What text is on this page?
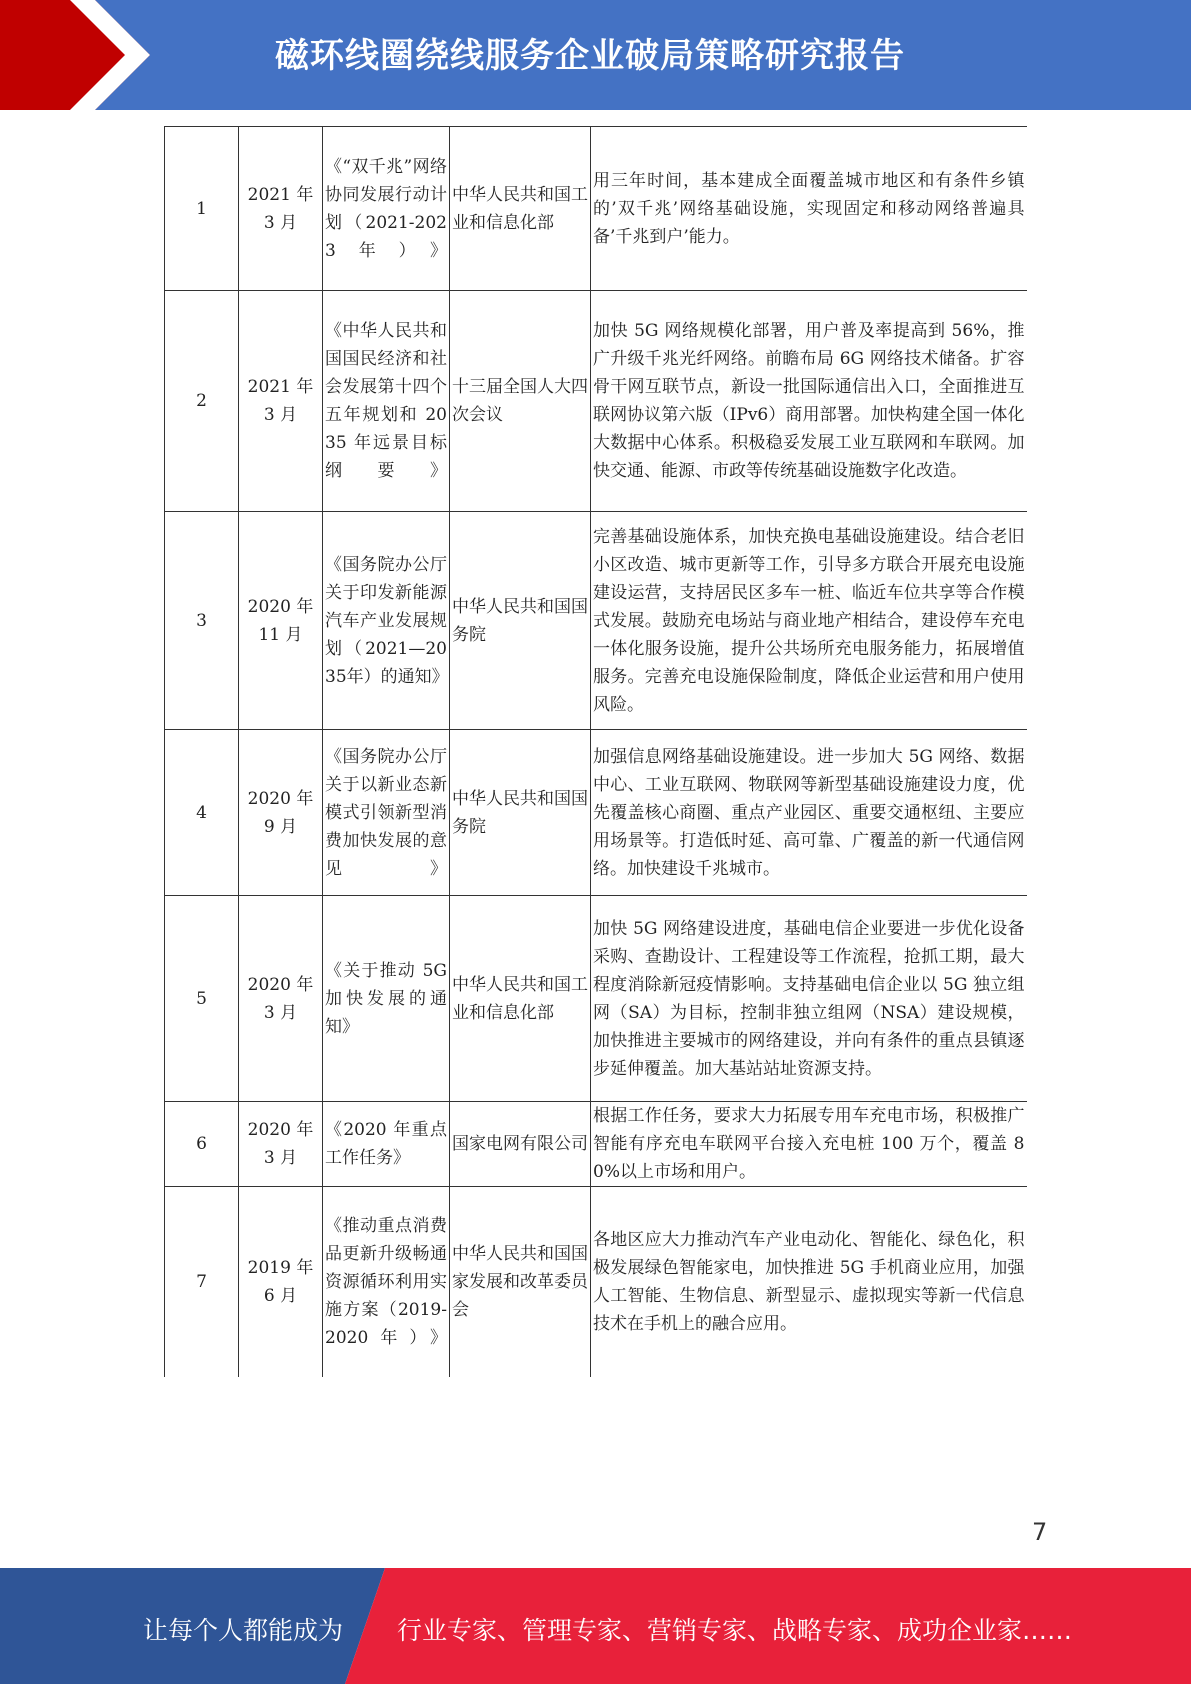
磁环线圈绕线服务企业破局策略研究报告
1	2021 年 3 月	《“双千兆”网络协同发展行动计划（2021-2023年）》	中华人民共和国工业和信息化部	用三年时间，基本建成全面覆盖城市地区和有条件乡镇的’双千兆’网络基础设施，实现固定和移动网络普遍具备’千兆到户’能力。
2	2021 年 3 月	《中华人民共和国国民经济和社会发展第十四个五年规划和 2035 年远景目标纲要》	十三届全国人大四次会议	加快 5G 网络规模化部署，用户普及率提高到 56%，推广升级千兆光纤网络。前瞻布局 6G 网络技术储备。扩容骨干网互联节点，新设一批国际通信出入口，全面推进互联网协议第六版（IPv6）商用部署。加快构建全国一体化大数据中心体系。积极稳妥发展工业互联网和车联网。加快交通、能源、市政等传统基础设施数字化改造。
3	2020 年 11 月	《国务院办公厅关于印发新能源汽车产业发展规划（2021—2035年）的通知》	中华人民共和国国务院	完善基础设施体系，加快充换电基础设施建设。结合老旧小区改造、城市更新等工作，引导多方联合开展充电设施建设运营，支持居民区多车一桩、临近车位共享等合作模式发展。鼓励充电场站与商业地产相结合，建设停车充电一体化服务设施，提升公共场所充电服务能力，拓展增值服务。完善充电设施保险制度，降低企业运营和用户使用风险。
4	2020 年 9 月	《国务院办公厅关于以新业态新模式引领新型消费加快发展的意见》	中华人民共和国国务院	加强信息网络基础设施建设。进一步加大 5G 网络、数据中心、工业互联网、物联网等新型基础设施建设力度，优先覆盖核心商圈、重点产业园区、重要交通枢纽、主要应用场景等。打造低时延、高可靠、广覆盖的新一代通信网络。加快建设千兆城市。
5	2020 年 3 月	《关于推动 5G 加快发展的通知》	中华人民共和国工业和信息化部	加快 5G 网络建设进度，基础电信企业要进一步优化设备采购、查勘设计、工程建设等工作流程，抢抓工期，最大程度消除新冠疫情影响。支持基础电信企业以 5G 独立组网（SA）为目标，控制非独立组网（NSA）建设规模，加快推进主要城市的网络建设，并向有条件的重点县镇逐步延伸覆盖。加大基站站址资源支持。
6	2020 年 3 月	《2020 年重点工作任务》	国家电网有限公司	根据工作任务，要求大力拓展专用车充电市场，积极推广智能有序充电车联网平台接入充电桩 100 万个，覆盖 80%以上市场和用户。
7	2019 年 6 月	《推动重点消费品更新升级畅通资源循环利用实施方案（2019-2020年）》	中华人民共和国国家发展和改革委员会	各地区应大力推动汽车产业电动化、智能化、绿色化，积极发展绿色智能家电，加快推进 5G 手机商业应用，加强人工智能、生物信息、新型显示、虚拟现实等新一代信息技术在手机上的融合应用。
7
让每个人都能成为 行业专家、管理专家、营销专家、战略专家、成功企业家……
